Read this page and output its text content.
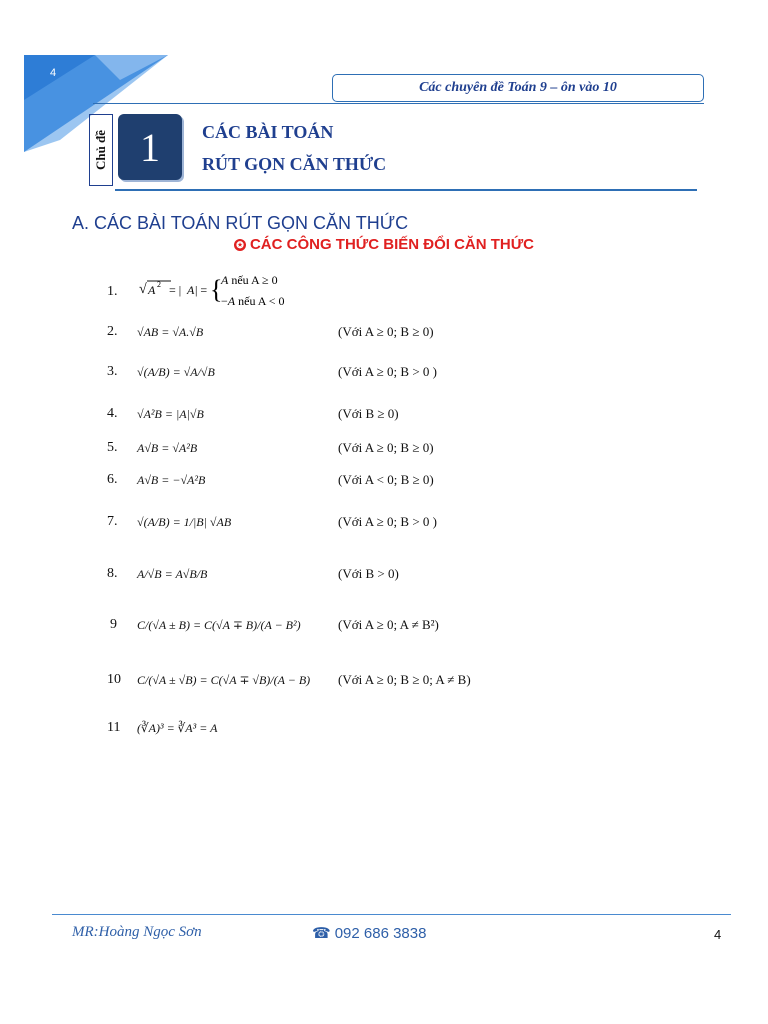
4
Các chuyên đề Toán 9 – ôn vào 10
Chủ đề 1 CÁC BÀI TOÁN
RÚT GỌN CĂN THỨC
A. CÁC BÀI TOÁN RÚT GỌN CĂN THỨC
✪ CÁC CÔNG THỨC BIẾN ĐỔI CĂN THỨC
1. √ A 2 = | A | = {
A nếu A ≥ 0
−A nếu A < 0
2. √AB = √A.√B	(Với A ≥ 0; B ≥ 0)
3. √(A/B) = √A/√B	(Với A ≥ 0; B > 0 )
4. √A²B = |A|√B	(Với B ≥ 0)
5. A√B = √A²B	(Với A ≥ 0; B ≥ 0)
6. A√B = −√A²B	(Với A < 0; B ≥ 0)
7. √(A/B) = 1/|B| √AB	(Với A ≥ 0; B > 0 )
8. A/√B = A√B/B	(Với B > 0)
9 C/(√A ± B) = C(√A ∓ B)/(A − B²)	(Với A ≥ 0; A ≠ B²)
10 C/(√A ± √B) = C(√A ∓ √B)/(A − B) (Với A ≥ 0; B ≥ 0; A ≠ B)
11 (∛A)³ = ∛A³ = A
MR:Hoàng Ngọc Sơn	☎ 092 686 3838	4
